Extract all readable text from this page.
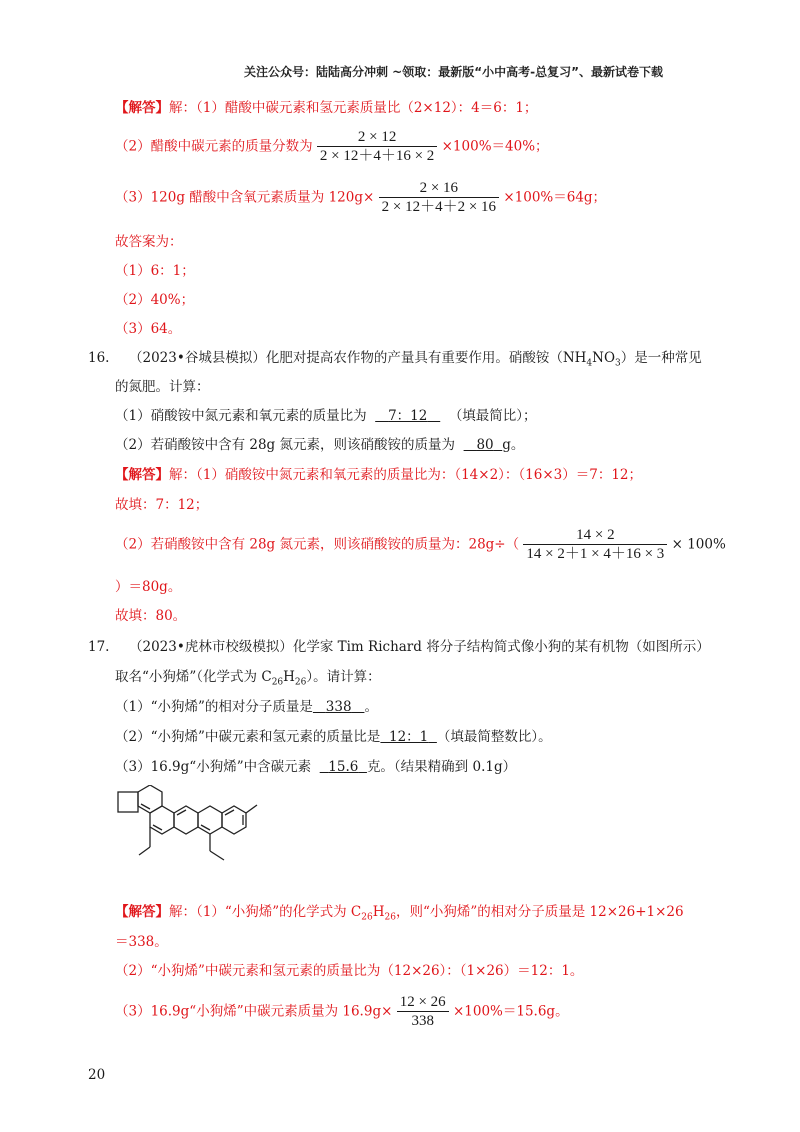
关注公众号：陆陆高分冲刺 ~领取：最新版“小中高考-总复习”、最新试卷下载
【解答】解：（1）醋酸中碳元素和氢元素质量比（2×12）：4＝6：1；
（2）醋酸中碳元素的质量分数为 $\frac{2 \times 12}{2 \times 12+4+16 \times 2} \times 100\%=40\%$；
（3）120g 醋酸中含氧元素质量为 $120g\times \frac{2 \times 16}{2 \times 12+4+2 \times 16} \times 100\%=64g$；
故答案为：
（1）6：1；
（2）40%；
（3）64。
16. （2023•谷城县模拟）化肥对提高农作物的产量具有重要作用。硝酸铵$(NH_4NO_3)$是一种常见
的氮肥。计算：
（1）硝酸铵中氮元素和氧元素的质量比为 7：12 （填最简比）；
（2）若硝酸铵中含有 28g 氮元素，则该硝酸铵的质量为 80 g。
【解答】解：（1）硝酸铵中氮元素和氧元素的质量比为：（14×2）：（16×3）＝7：12；
故填：7：12；
（2）若硝酸铵中含有 28g 氮元素，则该硝酸铵的质量为：$28g\div( \frac{14 \times 2}{14 \times 2+1 \times 4+16 \times 3} \times 100\%$
）＝80g。
故填：80。
17. （2023•虎林市校级模拟）化学家 Tim Richard 将分子结构简式像小狗的某有机物（如图所示）
取名“小狗烯”（化学式为 $C_{26}H_{26}$）。请计算：
（1）“小狗烯”的相对分子质量是 338 。
（2）“小狗烯”中碳元素和氢元素的质量比是 12：1 （填最简整数比）。
（3）16.9g“小狗烯”中含碳元素 15.6 克。（结果精确到 0.1g）
【解答】解：（1）“小狗烯”的化学式为 $C_{26}H_{26}$，则“小狗烯”的相对分子质量是 12×26+1×26
＝338。
（2）“小狗烯”中碳元素和氢元素的质量比为（12×26）：（1×26）＝12：1。
（3）16.9g“小狗烯”中碳元素质量为 $16.9g\times \frac{12 \times 26}{338} \times 100\%=15.6g$。
20
